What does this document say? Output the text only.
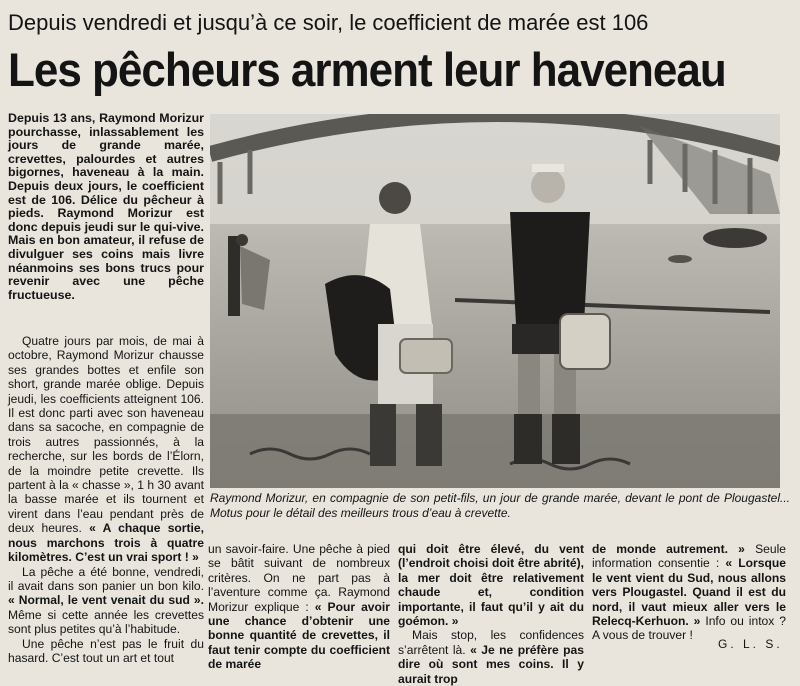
Depuis vendredi et jusqu’à ce soir, le coefficient de marée est 106
Les pêcheurs arment leur haveneau
Depuis 13 ans, Raymond Morizur pourchasse, inlassablement les jours de grande marée, crevettes, palourdes et autres bigornes, haveneau à la main. Depuis deux jours, le coefficient est de 106. Délice du pêcheur à pieds. Raymond Morizur est donc depuis jeudi sur le qui-vive. Mais en bon amateur, il refuse de divulguer ses coins mais livre néanmoins ses bons trucs pour revenir avec une pêche fructueuse.
Raymond Morizur, en compagnie de son petit-fils, un jour de grande marée, devant le pont de Plougastel... Motus pour le détail des meilleurs trous d’eau à crevette.

Quatre jours par mois, de mai à octobre, Raymond Morizur chausse ses grandes bottes et enfile son short, grande marée oblige. Depuis jeudi, les coefficients atteignent 106. Il est donc parti avec son haveneau dans sa sacoche, en compagnie de trois autres passionnés, à la recherche, sur les bords de l’Élorn, de la moindre petite crevette. Ils partent à la « chasse », 1 h 30 avant la basse marée et ils tournent et virent dans l’eau pendant près de deux heures. « A chaque sortie, nous marchons trois à quatre kilomètres. C’est un vrai sport ! »

La pêche a été bonne, vendredi, il avait dans son panier un bon kilo. « Normal, le vent venait du sud ». Même si cette année les crevettes sont plus petites qu’à l’habitude.

Une pêche n’est pas le fruit du hasard. C’est tout un art et tout

un savoir-faire. Une pêche à pied se bâtit suivant de nombreux critères. On ne part pas à l’aventure comme ça. Raymond Morizur explique : « Pour avoir une chance d’obtenir une bonne quantité de crevettes, il faut tenir compte du coefficient de marée
qui doit être élevé, du vent (l’endroit choisi doit être abrité), la mer doit être relativement chaude et, condition importante, il faut qu’il y ait du goémon. »

Mais stop, les confidences s’arrêtent là. « Je ne préfère pas dire où sont mes coins. Il y aurait trop

de monde autrement. » Seule information consentie : « Lorsque le vent vient du Sud, nous allons vers Plougastel. Quand il est du nord, il vaut mieux aller vers le Relecq-Kerhuon. » Info ou intox ? A vous de trouver !
G. L. S.
